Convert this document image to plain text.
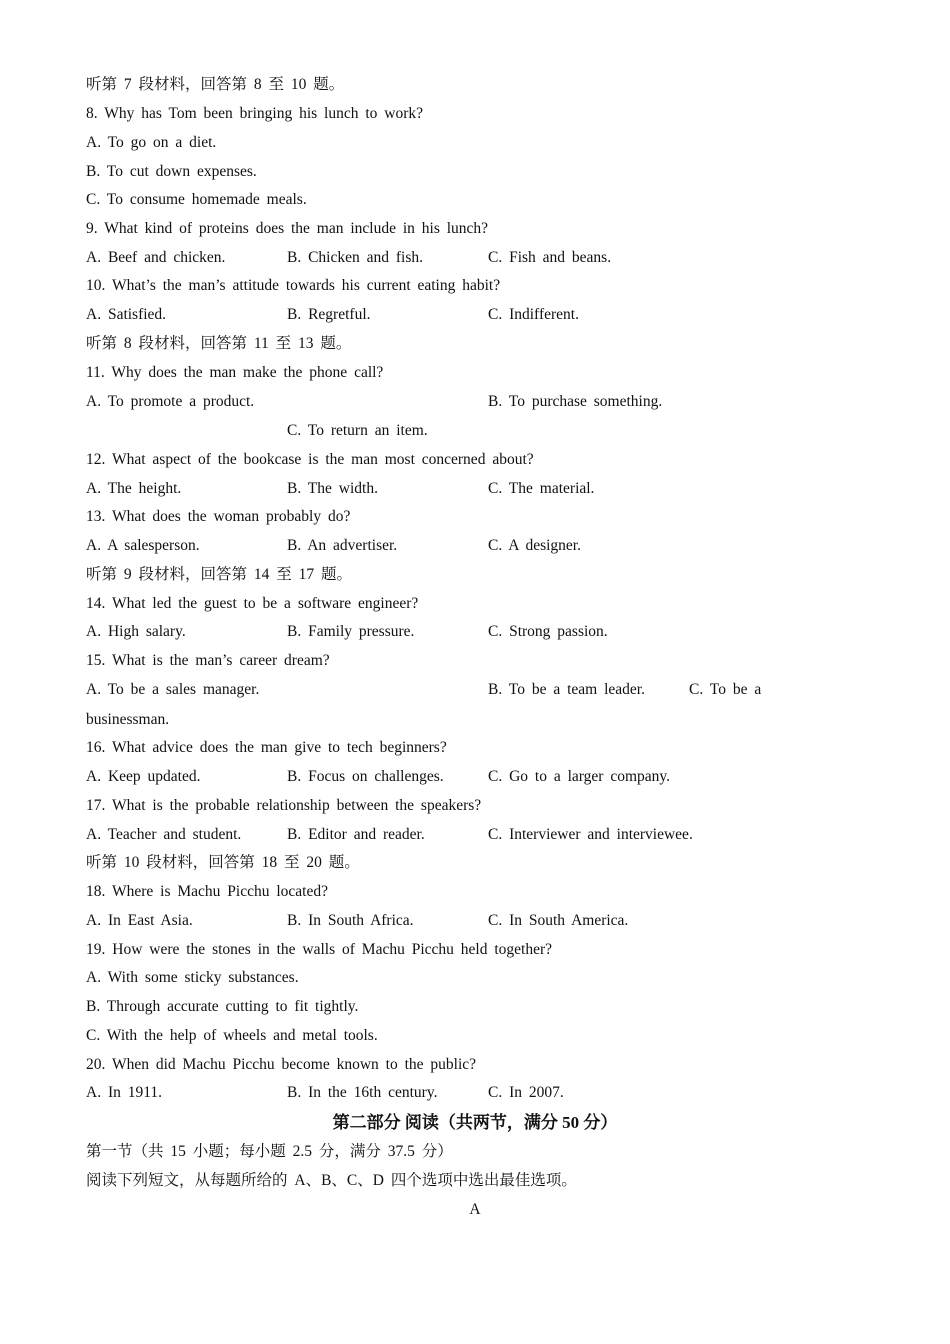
听第 7 段材料，回答第 8 至 10 题。
8. Why has Tom been bringing his lunch to work?
A. To go on a diet.
B. To cut down expenses.
C. To consume homemade meals.
9. What kind of proteins does the man include in his lunch?
A. Beef and chicken.	B. Chicken and fish.	C. Fish and beans.
10. What’s the man’s attitude towards his current eating habit?
A. Satisfied.	B. Regretful.	C. Indifferent.
听第 8 段材料，回答第 11 至 13 题。
11. Why does the man make the phone call?
A. To promote a product.	B. To purchase something.
C. To return an item.
12. What aspect of the bookcase is the man most concerned about?
A. The height.	B. The width.	C. The material.
13. What does the woman probably do?
A. A salesperson.	B. An advertiser.	C. A designer.
听第 9 段材料，回答第 14 至 17 题。
14. What led the guest to be a software engineer?
A. High salary.	B. Family pressure.	C. Strong passion.
15. What is the man’s career dream?
A. To be a sales manager.	B. To be a team leader.	C. To be a
businessman.
16. What advice does the man give to tech beginners?
A. Keep updated.	B. Focus on challenges.	C. Go to a larger company.
17. What is the probable relationship between the speakers?
A. Teacher and student.	B. Editor and reader.	C. Interviewer and interviewee.
听第 10 段材料，回答第 18 至 20 题。
18. Where is Machu Picchu located?
A. In East Asia.	B. In South Africa.	C. In South America.
19. How were the stones in the walls of Machu Picchu held together?
A. With some sticky substances.
B. Through accurate cutting to fit tightly.
C. With the help of wheels and metal tools.
20. When did Machu Picchu become known to the public?
A. In 1911.	B. In the 16th century.	C. In 2007.
第二部分 阅读（共两节，满分 50 分）
第一节（共 15 小题；每小题 2.5 分，满分 37.5 分）
阅读下列短文，从每题所给的 A、B、C、D 四个选项中选出最佳选项。
A
